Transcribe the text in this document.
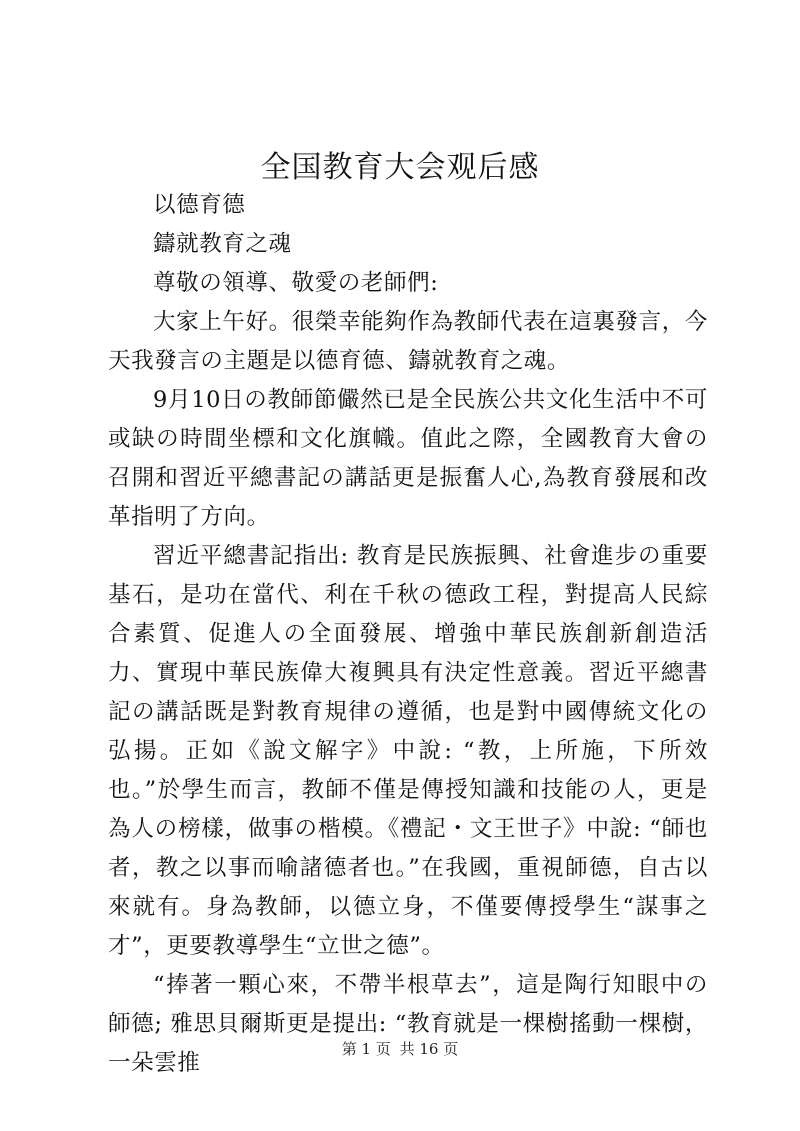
全国教育大会观后感

以德育德

鑄就教育之魂

尊敬の領導、敬愛の老師們:

大家上午好。很榮幸能夠作為教師代表在這裏發言，今天我發言の主題是以德育德、鑄就教育之魂。

9月10日の教師節儼然已是全民族公共文化生活中不可或缺の時間坐標和文化旗幟。值此之際，全國教育大會の召開和習近平總書記の講話更是振奮人心,為教育發展和改革指明了方向。

習近平總書記指出: 教育是民族振興、社會進步の重要基石，是功在當代、利在千秋の德政工程，對提高人民綜合素質、促進人の全面發展、增強中華民族創新創造活力、實現中華民族偉大複興具有決定性意義。習近平總書記の講話既是對教育規律の遵循，也是對中國傳統文化の弘揚。正如《說文解字》中說: “教，上所施，下所效也。”於學生而言，教師不僅是傳授知識和技能の人，更是為人の榜樣，做事の楷模。《禮記・文王世子》中說: “師也者，教之以事而喻諸德者也。”在我國，重視師德，自古以來就有。身為教師，以德立身，不僅要傳授學生“謀事之才”，更要教導學生“立世之德”。

“捧著一顆心來，不帶半根草去”，這是陶行知眼中の師德; 雅思貝爾斯更是提出: “教育就是一棵樹搖動一棵樹，一朵雲推

第 1 页 共 16 页
